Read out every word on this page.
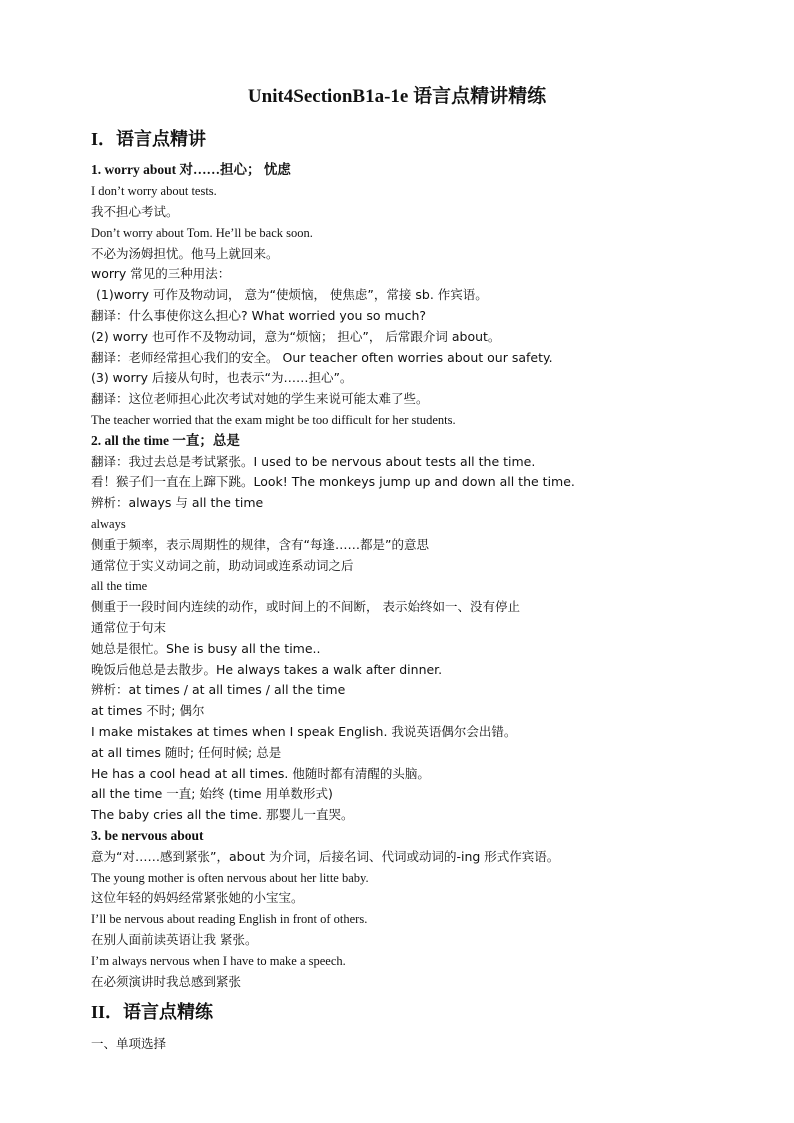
Unit4SectionB1a-1e 语言点精讲精练
I．语言点精讲
1. worry about 对……担心； 忧虑
I don’t worry about tests.
我不担心考试。
Don’t worry about Tom. He’ll be back soon.
不必为汤姆担忧。他马上就回来。
worry 常见的三种用法：
(1)worry 可作及物动词， 意为“使烦恼， 使焦虑”，常接 sb. 作宾语。
翻译：什么事使你这么担心? What worried you so much?
(2) worry 也可作不及物动词，意为“烦恼； 担心”， 后常跟介词 about。
翻译：老师经常担心我们的安全。 Our teacher often worries about our safety.
(3) worry 后接从句时，也表示“为……担心”。
翻译：这位老师担心此次考试对她的学生来说可能太难了些。
The teacher worried that the exam might be too difficult for her students.
2. all the time 一直；总是
翻译：我过去总是考试紧张。I used to be nervous about tests all the time.
看！猴子们一直在上蹿下跳。Look! The monkeys jump up and down all the time.
辨析：always 与 all the time
always
侧重于频率，表示周期性的规律，含有“每逢……都是”的意思
通常位于实义动词之前，助动词或连系动词之后
all the time
侧重于一段时间内连续的动作，或时间上的不间断， 表示始终如一、没有停止
通常位于句末
她总是很忙。She is busy all the time..
晚饭后他总是去散步。He always takes a walk after dinner.
辨析：at times / at all times / all the time
at times 不时; 偶尔
I make mistakes at times when I speak English. 我说英语偶尔会出错。
at all times 随时; 任何时候; 总是
He has a cool head at all times. 他随时都有清醒的头脑。
all the time 一直; 始终 (time 用单数形式)
The baby cries all the time. 那婴儿一直哭。
3. be nervous about
意为“对……感到紧张”，about 为介词，后接名词、代词或动词的-ing 形式作宾语。
The young mother is often nervous about her litte baby.
这位年轻的妈妈经常紧张她的小宝宝。
I’ll be nervous about reading English in front of others.
在别人面前读英语让我 紧张。
I’m always nervous when I have to make a speech.
在必须演讲时我总感到紧张
II．语言点精练
一、单项选择
